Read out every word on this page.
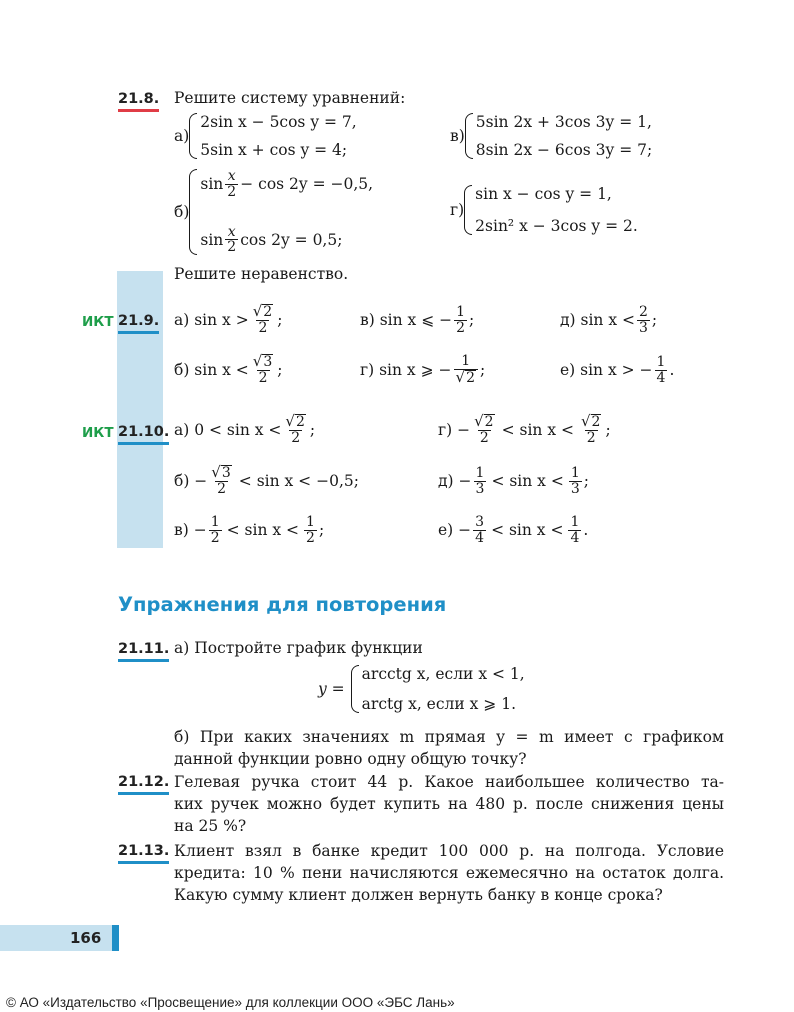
21.8. Решите систему уравнений:
а)
2sin x − 5cos y = 7,
5sin x + cos y = 4;
в)
5sin 2x + 3cos 3y = 1,
8sin 2x − 6cos 3y = 7;
б)
$\sin \frac{x}{2} - \cos 2y = -0,5$,
$\sin \frac{x}{2}$ cos 2y = 0,5;
г)
sin x − cos y = 1,
2sin² x − 3cos y = 2.
Решите неравенство.
ИКТ 21.9. а) $\sin x > \frac{√ 2}{2}$ ;	в) sin x ⩽ − $\frac{1}{2}$ ;	д) $\sin x < \frac{2}{3}$ ;
б) $\sin x < \frac{√ 3}{2}$ ;	г) sin x ⩾ − $\frac{1}{√ 2}$ ;	е) sin x > − $\frac{1}{4}$ .
ИКТ 21.10. а) $0 < \sin x < \frac{√ 2}{2}$ ;	$г) - \frac{√ 2}{2} < \sin x < \frac{√ 2}{2}$ ;
$б) - \frac{√ 3}{2} < \sin x < -0,5$;	$д) - \frac{1}{3} < \sin x < \frac{1}{3}$ ;
$в) - \frac{1}{2} < \sin x < \frac{1}{2}$ ;	$е) - \frac{3}{4} < \sin x < \frac{1}{4}$ .
Упражнения для повторения
21.11. а) Постройте график функции
y =
arcctg x, если x < 1,
arctg x, если x ⩾ 1.
б) При каких значениях m прямая y = m имеет с графиком
данной функции ровно одну общую точку?
21.12. Гелевая ручка стоит 44 р. Какое наибольшее количество та-
ких ручек можно будет купить на 480 р. после снижения цены
на 25 %?
21.13. Клиент взял в банке кредит 100 000 р. на полгода. Условие
кредита: 10 % пени начисляются ежемесячно на остаток долга.
Какую сумму клиент должен вернуть банку в конце срока?
166
© АО «Издательство «Просвещение» для коллекции ООО «ЭБС Лань»
